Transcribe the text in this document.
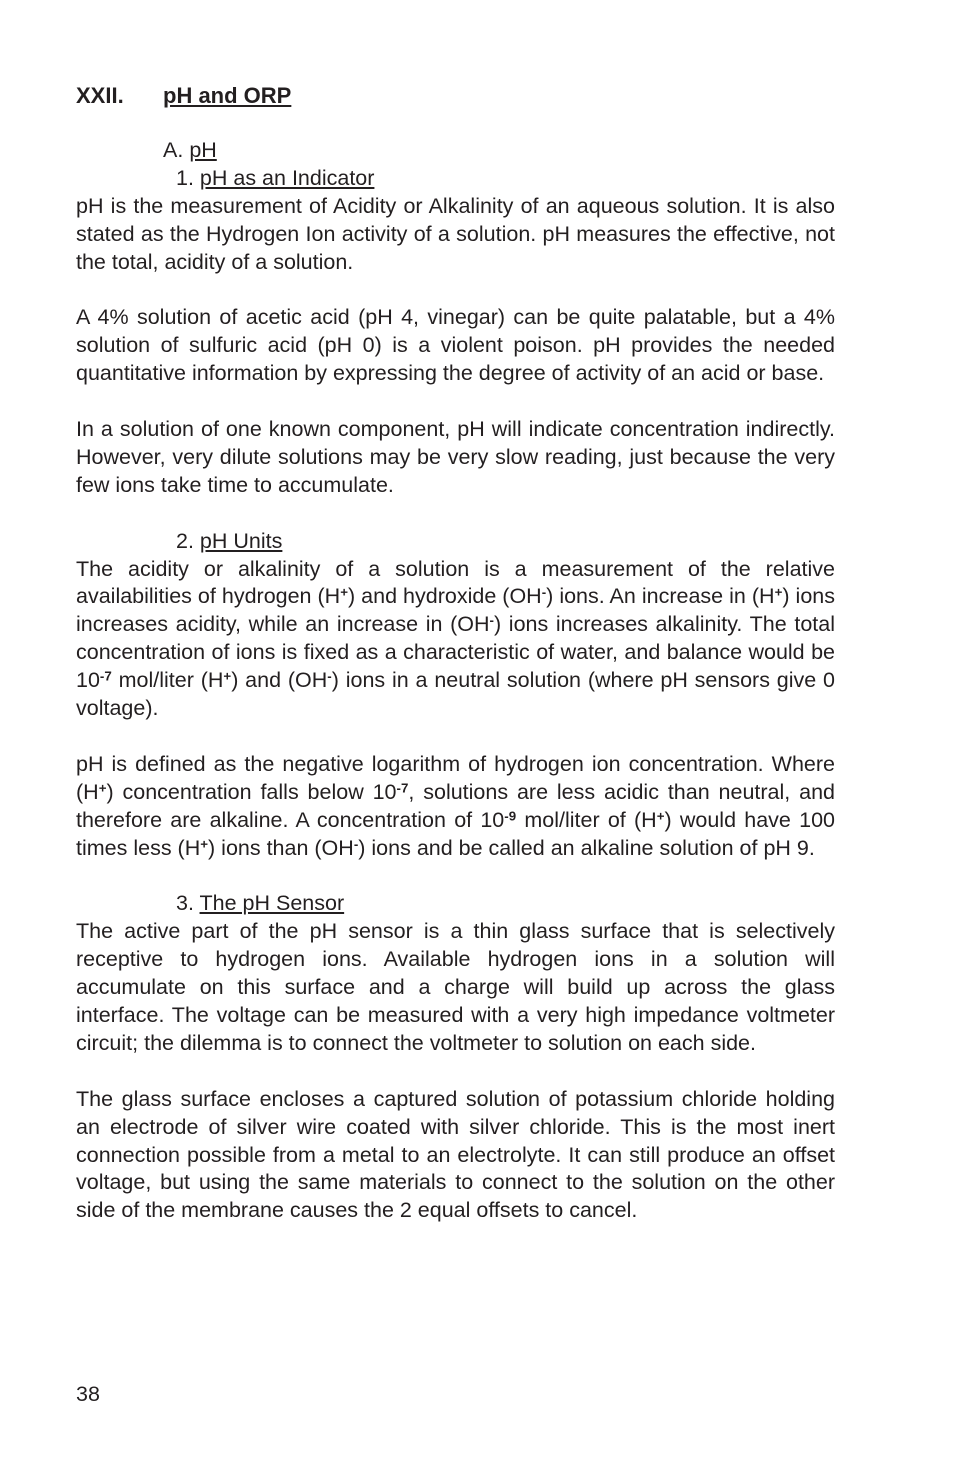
XXII. pH and ORP
A. pH
1. pH as an Indicator

pH is the measurement of Acidity or Alkalinity of an aqueous solution. It is also stated as the Hydrogen Ion activity of a solution. pH measures the effective, not the total, acidity of a solution.

A 4% solution of acetic acid (pH 4, vinegar) can be quite palatable, but a 4% solution of sulfuric acid (pH 0) is a violent poison. pH provides the needed quantitative information by expressing the degree of activity of an acid or base.

In a solution of one known component, pH will indicate concentration indirectly. However, very dilute solutions may be very slow reading, just because the very few ions take time to accumulate.

2. pH Units

The acidity or alkalinity of a solution is a measurement of the relative availabilities of hydrogen (H+) and hydroxide (OH-) ions. An increase in (H+) ions increases acidity, while an increase in (OH-) ions increases alkalinity. The total concentration of ions is fixed as a characteristic of water, and balance would be $10^{-7}$ mol/liter (H+) and (OH-) ions in a neutral solution (where pH sensors give 0 voltage).

pH is defined as the negative logarithm of hydrogen ion concentration. Where (H+) concentration falls below $10^{-7}$, solutions are less acidic than neutral, and therefore are alkaline. A concentration of $10^{-9}$ mol/liter of (H+) would have 100 times less (H+) ions than (OH-) ions and be called an alkaline solution of pH 9.

3. The pH Sensor

The active part of the pH sensor is a thin glass surface that is selectively receptive to hydrogen ions. Available hydrogen ions in a solution will accumulate on this surface and a charge will build up across the glass interface. The voltage can be measured with a very high impedance voltmeter circuit; the dilemma is to connect the voltmeter to solution on each side.

The glass surface encloses a captured solution of potassium chloride holding an electrode of silver wire coated with silver chloride. This is the most inert connection possible from a metal to an electrolyte. It can still produce an offset voltage, but using the same materials to connect to the solution on the other side of the membrane causes the 2 equal offsets to cancel.

38
